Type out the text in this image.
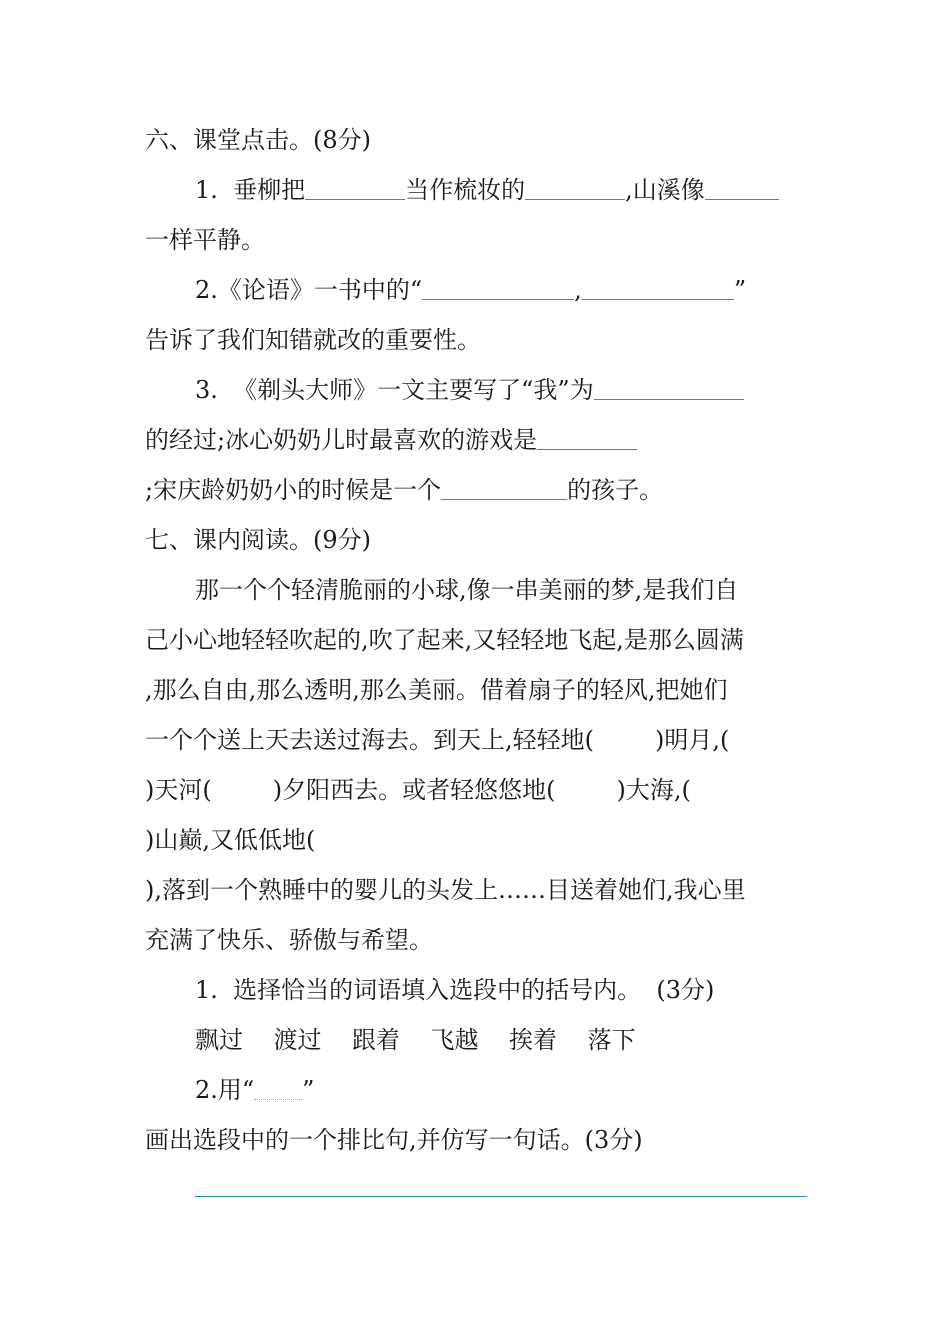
六、课堂点击。(8分)
1.  垂柳把	当作梳妆的	,山溪像
一样平静。
2.《论语》一书中的“	,	”
告诉了我们知错就改的重要性。
3.  《剃头大师》一文主要写了“我”为
的经过;冰心奶奶儿时最喜欢的游戏是
;宋庆龄奶奶小的时候是一个	的孩子。
七、课内阅读。(9分)
那一个个轻清脆丽的小球,像一串美丽的梦,是我们自
己小心地轻轻吹起的,吹了起来,又轻轻地飞起,是那么圆满
,那么自由,那么透明,那么美丽。借着扇子的轻风,把她们
一个个送上天去送过海去。到天上,轻轻地(        )明月,(
)天河(        )夕阳西去。或者轻悠悠地(        )大海,(
)山巅,又低低地(
),落到一个熟睡中的婴儿的头发上……目送着她们,我心里
充满了快乐、骄傲与希望。
1.  选择恰当的词语填入选段中的括号内。  (3分)
飘过    渡过    跟着    飞越    挨着    落下
2.用“ ”
画出选段中的一个排比句,并仿写一句话。(3分)
